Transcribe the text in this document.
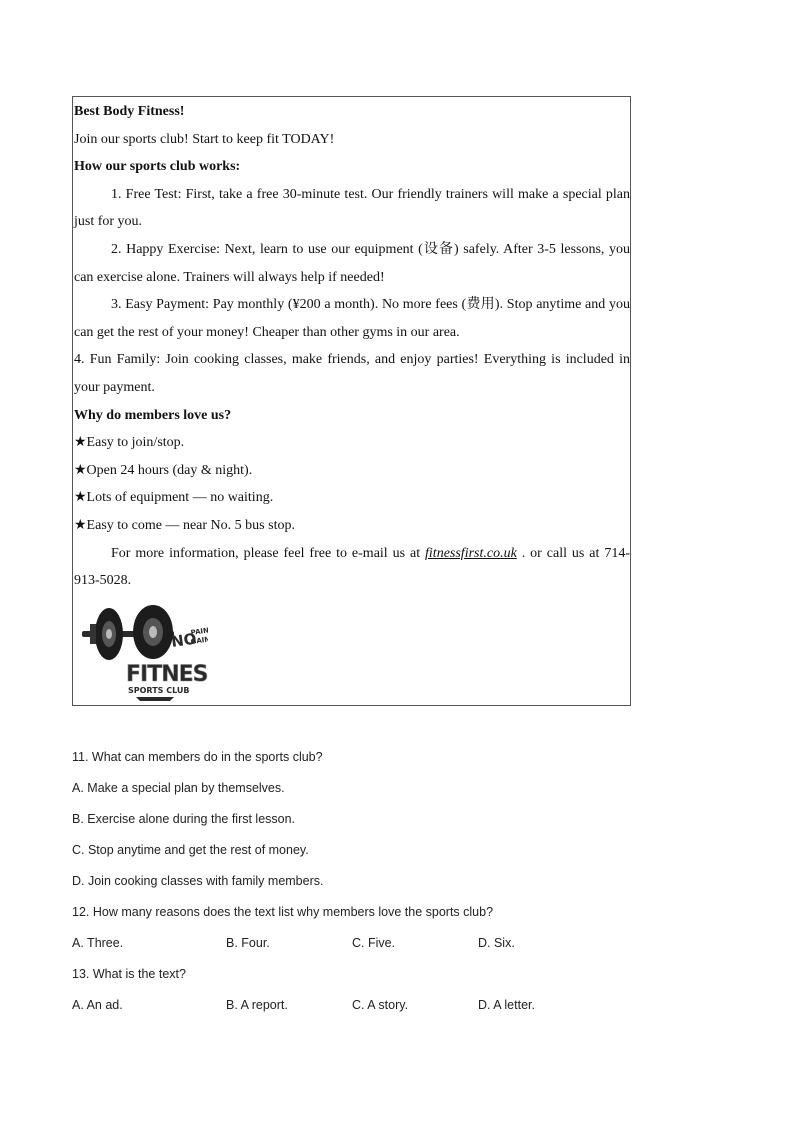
Best Body Fitness!

Join our sports club! Start to keep fit TODAY!

How our sports club works:

1. Free Test: First, take a free 30-minute test. Our friendly trainers will make a special plan just for you.

2. Happy Exercise: Next, learn to use our equipment (设备) safely. After 3-5 lessons, you can exercise alone. Trainers will always help if needed!

3. Easy Payment: Pay monthly (¥200 a month). No more fees (费用). Stop anytime and you can get the rest of your money! Cheaper than other gyms in our area.

4. Fun Family: Join cooking classes, make friends, and enjoy parties! Everything is included in your payment.

Why do members love us?

★Easy to join/stop.

★Open 24 hours (day & night).

★Lots of equipment — no waiting.

★Easy to come — near No. 5 bus stop.

For more information, please feel free to e-mail us at fitnessfirst.co.uk . or call us at 714-913-5028.

NO
PAIN
GAIN
FITNES
SPORTS CLUB
11. What can members do in the sports club?
A. Make a special plan by themselves.
B. Exercise alone during the first lesson.
C. Stop anytime and get the rest of money.
D. Join cooking classes with family members.
12. How many reasons does the text list why members love the sports club?
A. Three.	B. Four.	C. Five.	D. Six.
13. What is the text?
A. An ad.	B. A report.	C. A story.	D. A letter.
